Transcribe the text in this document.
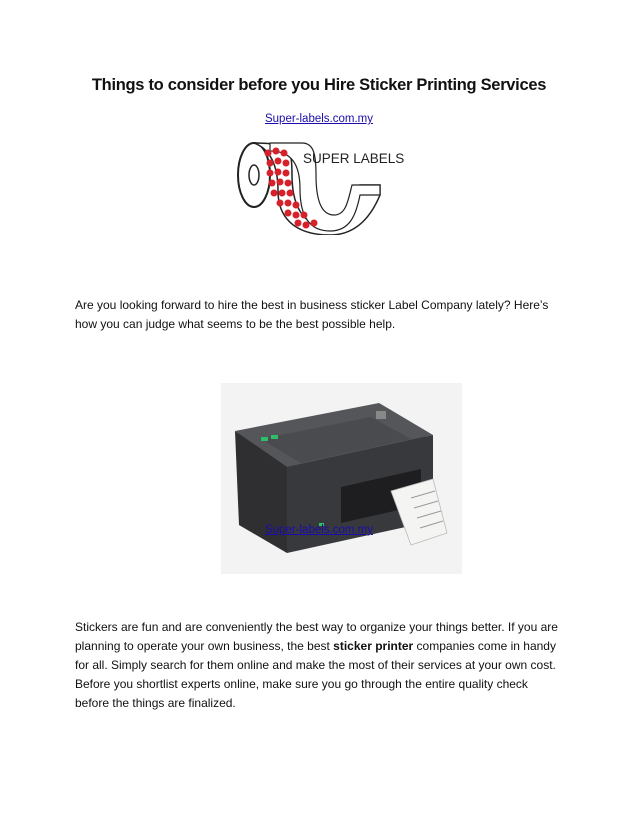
Things to consider before you Hire Sticker Printing Services
Super-labels.com.my
SUPER LABELS

Are you looking forward to hire the best in business sticker Label Company lately? Here’s how you can judge what seems to be the best possible help.

Super-labels.com.my

Stickers are fun and are conveniently the best way to organize your things better. If you are planning to operate your own business, the best sticker printer companies come in handy for all. Simply search for them online and make the most of their services at your own cost. Before you shortlist experts online, make sure you go through the entire quality check before the things are finalized.
